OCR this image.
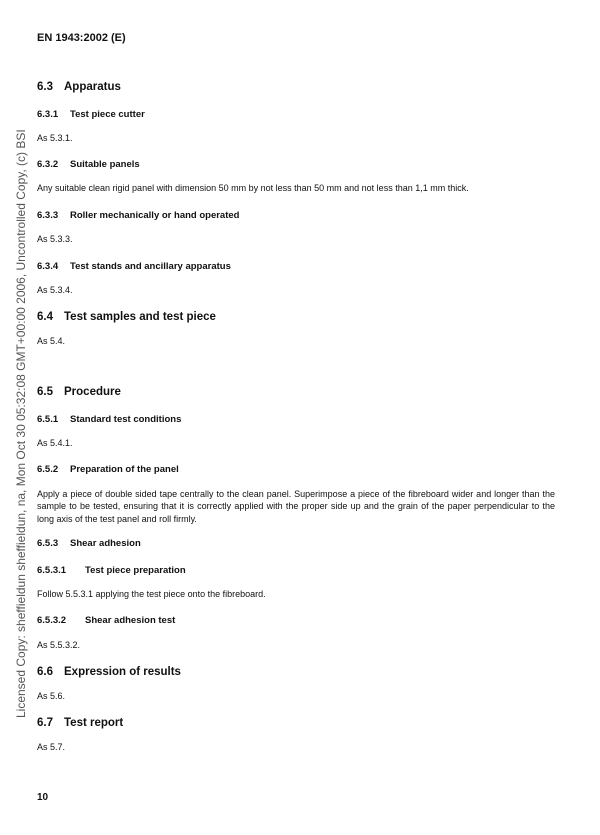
EN 1943:2002 (E)
Licensed Copy: sheffieldun sheffieldun, na, Mon Oct 30 05:32:08 GMT+00:00 2006, Uncontrolled Copy, (c) BSI
6.3 Apparatus
6.3.1 Test piece cutter
As 5.3.1.
6.3.2 Suitable panels
Any suitable clean rigid panel with dimension 50 mm by not less than 50 mm and not less than 1,1 mm thick.
6.3.3 Roller mechanically or hand operated
As 5.3.3.
6.3.4 Test stands and ancillary apparatus
As 5.3.4.
6.4 Test samples and test piece
As 5.4.
6.5 Procedure
6.5.1 Standard test conditions
As 5.4.1.
6.5.2 Preparation of the panel
Apply a piece of double sided tape centrally to the clean panel. Superimpose a piece of the fibreboard wider and longer than the sample to be tested, ensuring that it is correctly applied with the proper side up and the grain of the paper perpendicular to the long axis of the test panel and roll firmly.
6.5.3 Shear adhesion
6.5.3.1 Test piece preparation
Follow 5.5.3.1 applying the test piece onto the fibreboard.
6.5.3.2 Shear adhesion test
As 5.5.3.2.
6.6 Expression of results
As 5.6.
6.7 Test report
As 5.7.
10
